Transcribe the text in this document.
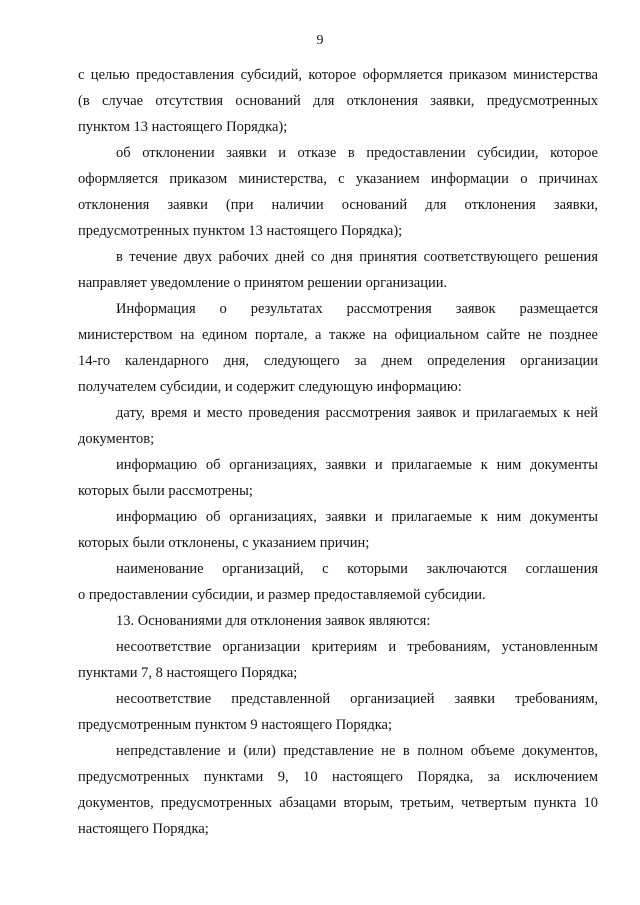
9
с целью предоставления субсидий, которое оформляется приказом министерства
(в случае отсутствия оснований для отклонения заявки, предусмотренных
пунктом 13 настоящего Порядка);
об отклонении заявки и отказе в предоставлении субсидии, которое
оформляется приказом министерства, с указанием информации о причинах
отклонения заявки (при наличии оснований для отклонения заявки,
предусмотренных пунктом 13 настоящего Порядка);
в течение двух рабочих дней со дня принятия соответствующего решения
направляет уведомление о принятом решении организации.
Информация о результатах рассмотрения заявок размещается
министерством на едином портале, а также на официальном сайте не позднее
14-го календарного дня, следующего за днем определения организации
получателем субсидии, и содержит следующую информацию:
дату, время и место проведения рассмотрения заявок и прилагаемых к ней
документов;
информацию об организациях, заявки и прилагаемые к ним документы
которых были рассмотрены;
информацию об организациях, заявки и прилагаемые к ним документы
которых были отклонены, с указанием причин;
наименование организаций, с которыми заключаются соглашения
о предоставлении субсидии, и размер предоставляемой субсидии.
13. Основаниями для отклонения заявок являются:
несоответствие организации критериям и требованиям, установленным
пунктами 7, 8 настоящего Порядка;
несоответствие представленной организацией заявки требованиям,
предусмотренным пунктом 9 настоящего Порядка;
непредставление и (или) представление не в полном объеме документов,
предусмотренных пунктами 9, 10 настоящего Порядка, за исключением
документов, предусмотренных абзацами вторым, третьим, четвертым пункта 10
настоящего Порядка;
